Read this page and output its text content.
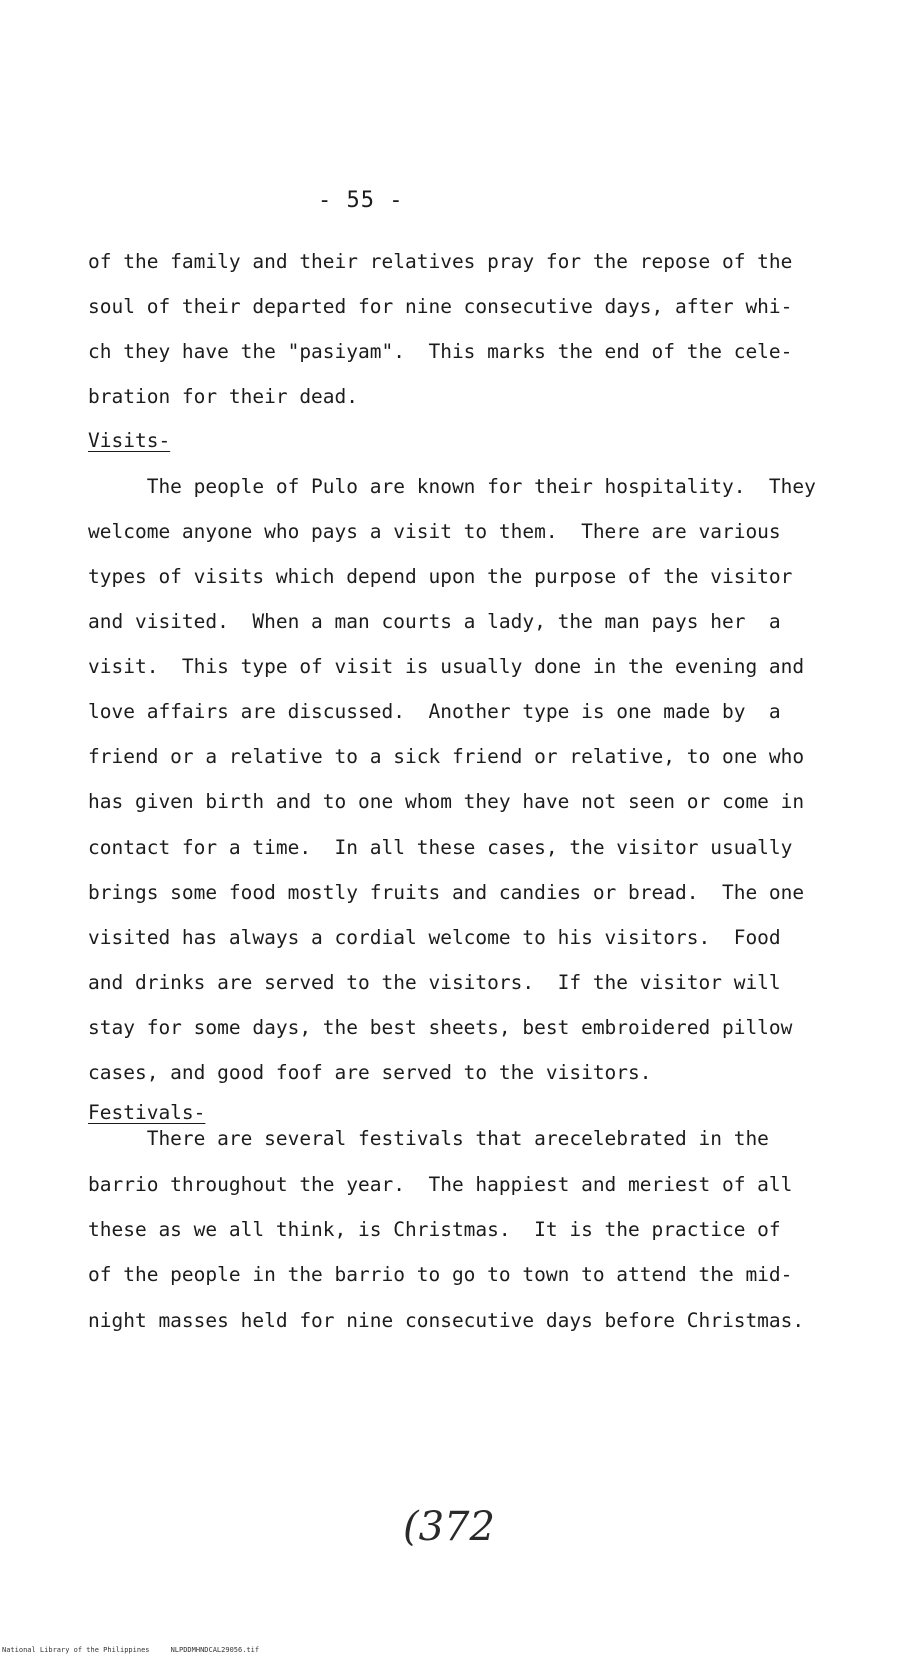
- 55 -
of the family and their relatives pray for the repose of the
soul of their departed for nine consecutive days, after whi-
ch they have the "pasiyam".  This marks the end of the cele-
bration for their dead.
Visits-
The people of Pulo are known for their hospitality.  They
welcome anyone who pays a visit to them.  There are various
types of visits which depend upon the purpose of the visitor
and visited.  When a man courts a lady, the man pays her  a
visit.  This type of visit is usually done in the evening and
love affairs are discussed.  Another type is one made by  a
friend or a relative to a sick friend or relative, to one who
has given birth and to one whom they have not seen or come in
contact for a time.  In all these cases, the visitor usually
brings some food mostly fruits and candies or bread.  The one
visited has always a cordial welcome to his visitors.  Food
and drinks are served to the visitors.  If the visitor will
stay for some days, the best sheets, best embroidered pillow
cases, and good foof are served to the visitors.
Festivals-
There are several festivals that arecelebrated in the
barrio throughout the year.  The happiest and meriest of all
these as we all think, is Christmas.  It is the practice of
of the people in the barrio to go to town to attend the mid-
night masses held for nine consecutive days before Christmas.
(372
National Library of the Philippines     NLPDDMHNDCAL29056.tif
